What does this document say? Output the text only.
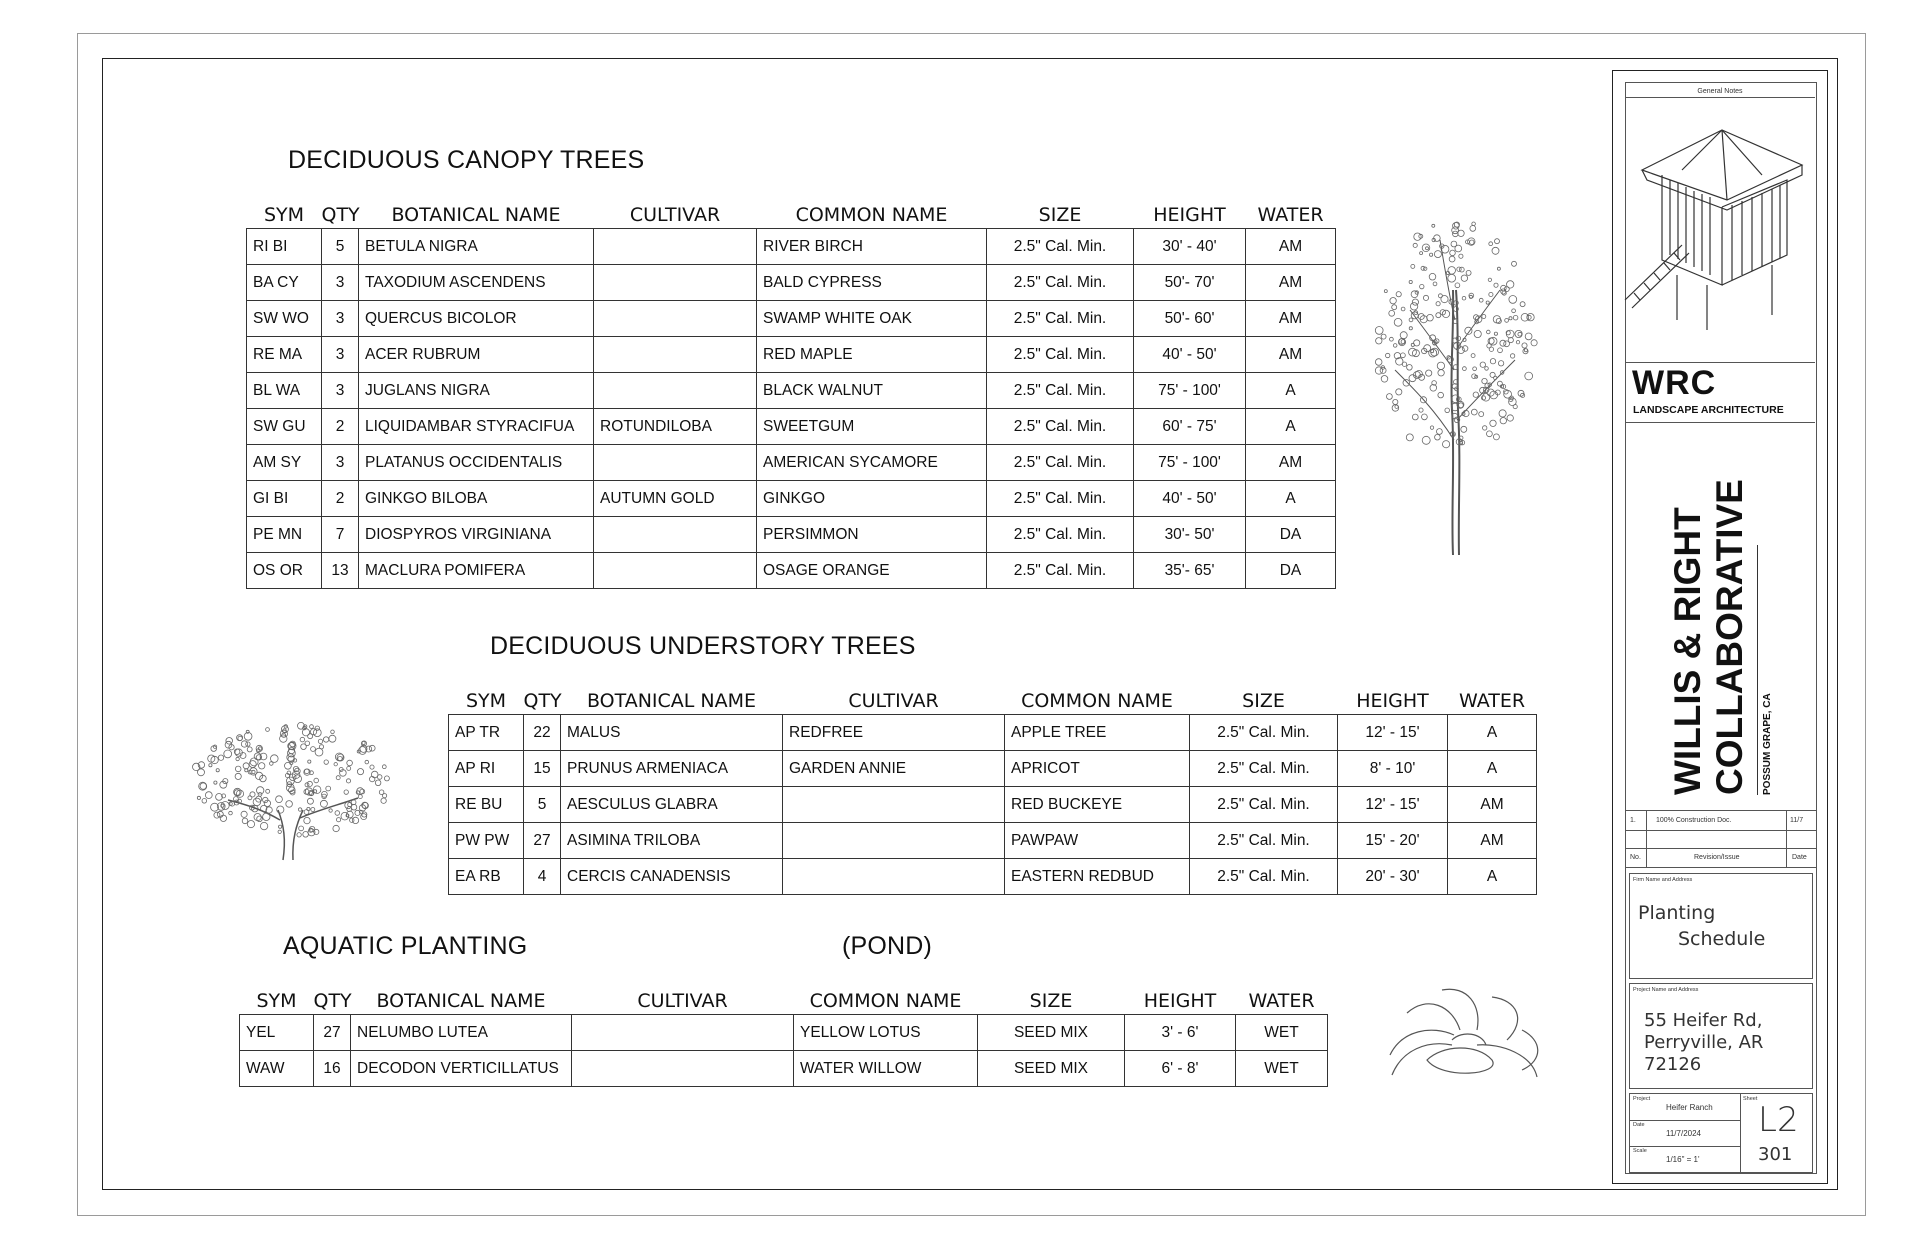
DECIDUOUS CANOPY TREES
SYM	QTY	BOTANICAL NAME	CULTIVAR	COMMON NAME	SIZE	HEIGHT	WATER
RI BI	5	BETULA NIGRA		RIVER BIRCH	2.5" Cal. Min.	30' - 40'	AM
BA CY	3	TAXODIUM ASCENDENS		BALD CYPRESS	2.5" Cal. Min.	50'- 70'	AM
SW WO	3	QUERCUS BICOLOR		SWAMP WHITE OAK	2.5" Cal. Min.	50'- 60'	AM
RE MA	3	ACER RUBRUM		RED MAPLE	2.5" Cal. Min.	40' - 50'	AM
BL WA	3	JUGLANS NIGRA		BLACK WALNUT	2.5" Cal. Min.	75' - 100'	A
SW GU	2	LIQUIDAMBAR STYRACIFUA	ROTUNDILOBA	SWEETGUM	2.5" Cal. Min.	60' - 75'	A
AM SY	3	PLATANUS OCCIDENTALIS		AMERICAN SYCAMORE	2.5" Cal. Min.	75' - 100'	AM
GI BI	2	GINKGO BILOBA	AUTUMN GOLD	GINKGO	2.5" Cal. Min.	40' - 50'	A
PE MN	7	DIOSPYROS VIRGINIANA		PERSIMMON	2.5" Cal. Min.	30'- 50'	DA
OS OR	13	MACLURA POMIFERA		OSAGE ORANGE	2.5" Cal. Min.	35'- 65'	DA
DECIDUOUS UNDERSTORY TREES
SYM	QTY	BOTANICAL NAME	CULTIVAR	COMMON NAME	SIZE	HEIGHT	WATER
AP TR	22	MALUS	REDFREE	APPLE TREE	2.5" Cal. Min.	12' - 15'	A
AP RI	15	PRUNUS ARMENIACA	GARDEN ANNIE	APRICOT	2.5" Cal. Min.	8' - 10'	A
RE BU	5	AESCULUS GLABRA		RED BUCKEYE	2.5" Cal. Min.	12' - 15'	AM
PW PW	27	ASIMINA TRILOBA		PAWPAW	2.5" Cal. Min.	15' - 20'	AM
EA RB	4	CERCIS CANADENSIS		EASTERN REDBUD	2.5" Cal. Min.	20' - 30'	A
AQUATIC PLANTING	(POND)
SYM	QTY	BOTANICAL NAME	CULTIVAR	COMMON NAME	SIZE	HEIGHT	WATER
YEL	27	NELUMBO LUTEA		YELLOW LOTUS	SEED MIX	3' - 6'	WET
WAW	16	DECODON VERTICILLATUS		WATER WILLOW	SEED MIX	6' - 8'	WET
General Notes
WRC
LANDSCAPE ARCHITECTURE
WILLIS & RIGHT COLLABORATIVE	POSSUM GRAPE, CA
1.	100% Construction Doc.	11/7
No.	Revision/Issue	Date
Firm Name and Address
Planting
Schedule
Project Name and Address
55 Heifer Rd,
Perryville, AR
72126
Project
Heifer Ranch
Date
11/7/2024
Scale
1/16" = 1'
Sheet
L2
301
